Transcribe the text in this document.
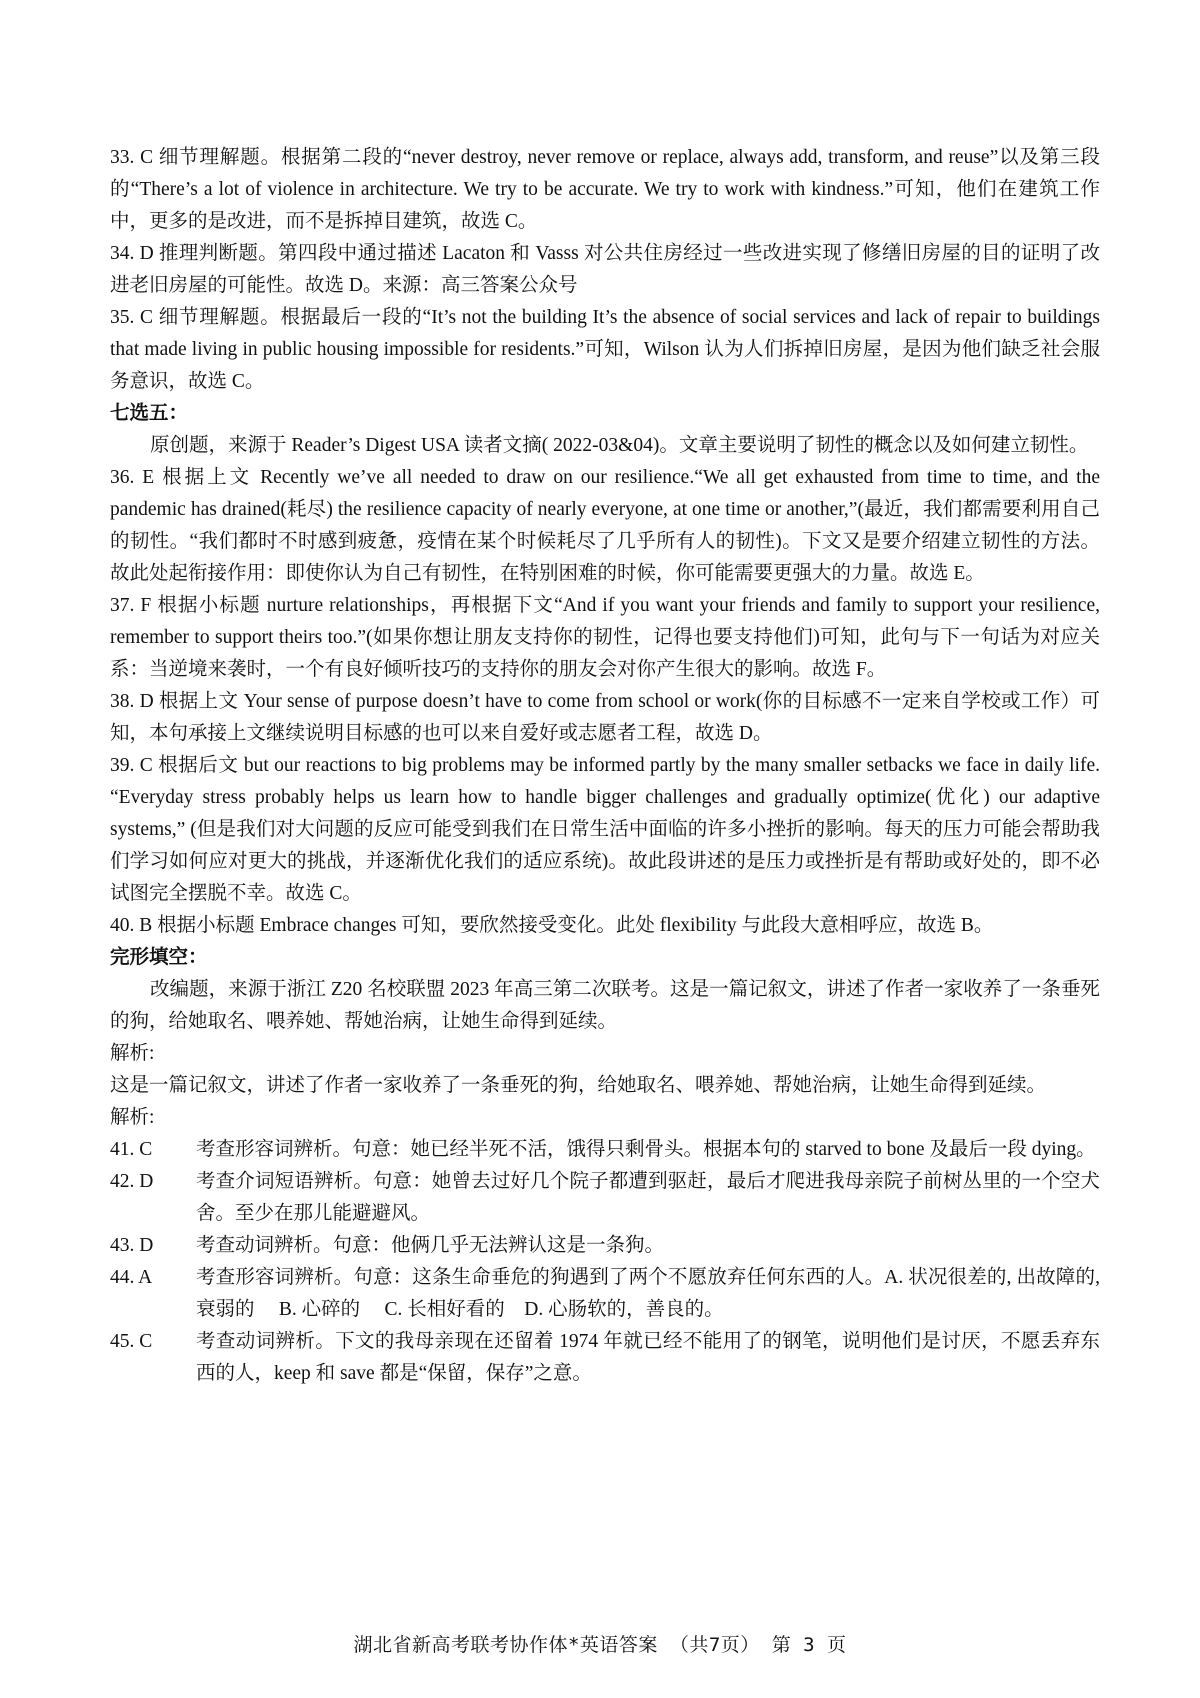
33. C 细节理解题。根据第二段的“never destroy, never remove or replace, always add, transform, and reuse”以及第三段的“There’s a lot of violence in architecture. We try to be accurate. We try to work with kindness.”可知，他们在建筑工作中，更多的是改进，而不是拆掉目建筑，故选 C。

34. D 推理判断题。第四段中通过描述 Lacaton 和 Vasss 对公共住房经过一些改进实现了修缮旧房屋的目的证明了改进老旧房屋的可能性。故选 D。来源：高三答案公众号

35. C 细节理解题。根据最后一段的“It’s not the building It’s the absence of social services and lack of repair to buildings that made living in public housing impossible for residents.”可知，Wilson 认为人们拆掉旧房屋，是因为他们缺乏社会服务意识，故选 C。

七选五：

原创题，来源于 Reader’s Digest USA 读者文摘( 2022-03&04)。文章主要说明了韧性的概念以及如何建立韧性。

36. E 根据上文 Recently we’ve all needed to draw on our resilience.“We all get exhausted from time to time, and the pandemic has drained(耗尽) the resilience capacity of nearly everyone, at one time or another,”(最近，我们都需要利用自己的韧性。“我们都时不时感到疲惫，疫情在某个时候耗尽了几乎所有人的韧性)。下文又是要介绍建立韧性的方法。故此处起衔接作用：即使你认为自己有韧性，在特别困难的时候，你可能需要更强大的力量。故选 E。

37. F 根据小标题 nurture relationships，再根据下文“And if you want your friends and family to support your resilience, remember to support theirs too.”(如果你想让朋友支持你的韧性，记得也要支持他们)可知，此句与下一句话为对应关系：当逆境来袭时，一个有良好倾听技巧的支持你的朋友会对你产生很大的影响。故选 F。

38. D 根据上文 Your sense of purpose doesn’t have to come from school or work(你的目标感不一定来自学校或工作）可知，本句承接上文继续说明目标感的也可以来自爱好或志愿者工程，故选 D。

39. C 根据后文 but our reactions to big problems may be informed partly by the many smaller setbacks we face in daily life. “Everyday stress probably helps us learn how to handle bigger challenges and gradually optimize(优化) our adaptive systems,” (但是我们对大问题的反应可能受到我们在日常生活中面临的许多小挫折的影响。每天的压力可能会帮助我们学习如何应对更大的挑战，并逐渐优化我们的适应系统)。故此段讲述的是压力或挫折是有帮助或好处的，即不必试图完全摆脱不幸。故选 C。

40. B 根据小标题 Embrace changes 可知，要欣然接受变化。此处 flexibility 与此段大意相呼应，故选 B。

完形填空：

改编题，来源于浙江 Z20 名校联盟 2023 年高三第二次联考。这是一篇记叙文，讲述了作者一家收养了一条垂死的狗，给她取名、喂养她、帮她治病，让她生命得到延续。

解析:

这是一篇记叙文，讲述了作者一家收养了一条垂死的狗，给她取名、喂养她、帮她治病，让她生命得到延续。

解析:

41. C	考查形容词辨析。句意：她已经半死不活，饿得只剩骨头。根据本句的 starved to bone 及最后一段 dying。
42. D	考查介词短语辨析。句意：她曾去过好几个院子都遭到驱赶，最后才爬进我母亲院子前树丛里的一个空犬舍。至少在那儿能避避风。
43. D	考查动词辨析。句意：他俩几乎无法辨认这是一条狗。
44. A	考查形容词辨析。句意：这条生命垂危的狗遇到了两个不愿放弃任何东西的人。A. 状况很差的, 出故障的,衰弱的　 B. 心碎的　 C. 长相好看的　D. 心肠软的，善良的。
45. C	考查动词辨析。下文的我母亲现在还留着 1974 年就已经不能用了的钢笔，说明他们是讨厌，不愿丢弃东西的人，keep 和 save 都是“保留，保存”之意。
湖北省新高考联考协作体*英语答案 （共7页） 第 3 页
